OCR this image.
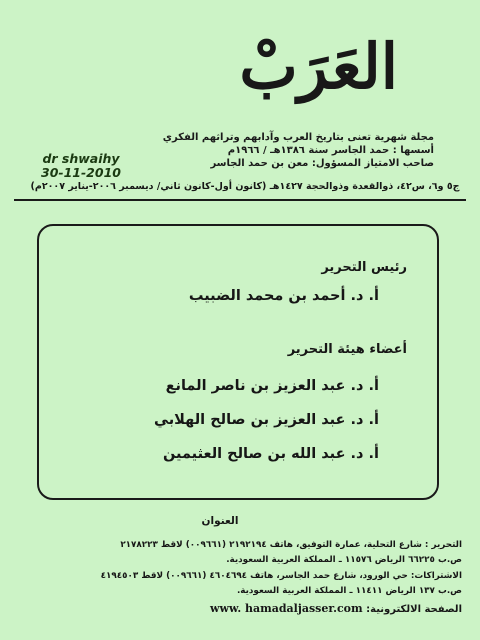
العَرَبْ
مجلة شهرية تعنى بتاريخ العرب وآدابهم وتراثهم الفكري
أسسها : حمد الجاسر سنة ١٣٨٦هـ / ١٩٦٦م
صاحب الامتياز المسؤول: معن بن حمد الجاسر
dr shwaihy
30-11-2010
ج٥ و٦، س٤٢، ذوالقعدة وذوالحجة ١٤٢٧هـ (كانون أول-كانون ثاني/ ديسمبر ٢٠٠٦-يناير ٢٠٠٧م)
رئيس التحرير
أ. د. أحمد بن محمد الضبيب
أعضاء هيئة التحرير
أ. د. عبد العزيز بن ناصر المانع
أ. د. عبد العزيز بن صالح الهلابي
أ. د. عبد الله بن صالح العثيمين
العنوان
التحرير : شارع التحلية، عمارة التوفيق، هاتف ٢١٩٢١٩٤ (٠٠٩٦٦١) لاقط ٢١٧٨٢٢٣
ص.ب ٦٦٢٢٥ الرياض ١١٥٧٦ ـ المملكة العربية السعودية.
الاشتراكات: حي الورود، شارع حمد الجاسر، هاتف ٤٦٠٤٦٩٤ (٠٠٩٦٦١) لاقط ٤١٩٤٥٠٣
ص.ب ١٣٧ الرياض ١١٤١١ ـ المملكة العربية السعودية.
الصفحة الالكترونية: www. hamadaljasser.com
